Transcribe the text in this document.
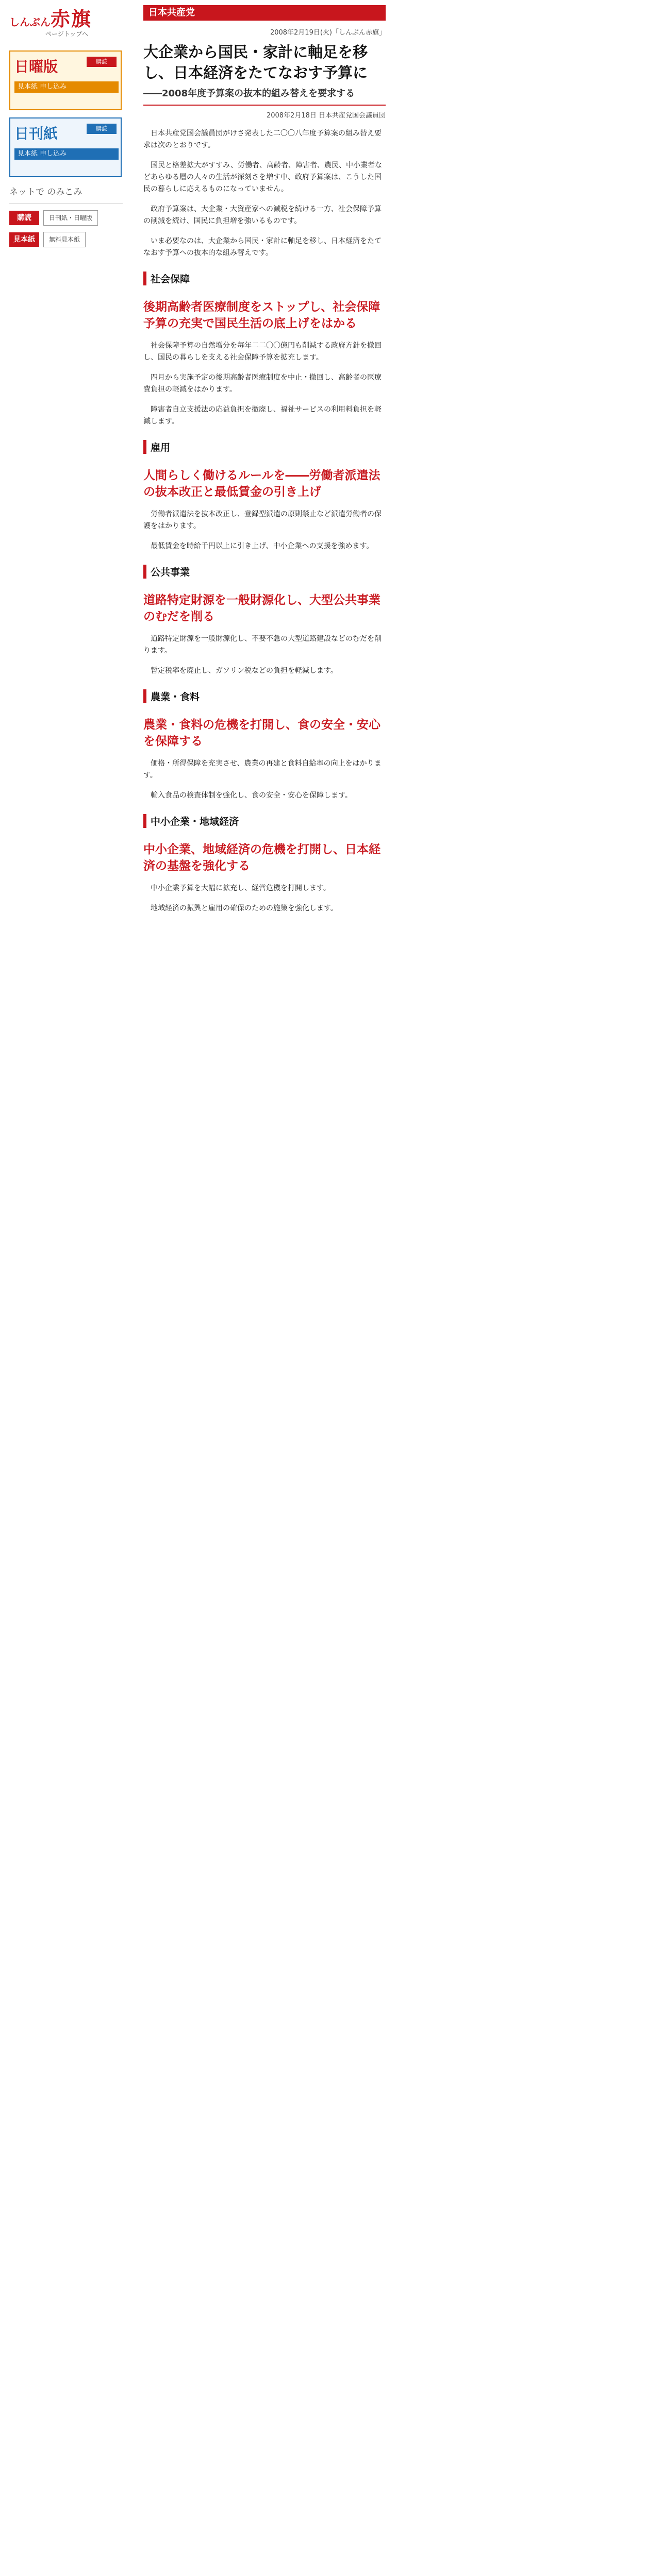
しんぶん赤旗
ページトップへ
日曜版	購読
見本紙 申し込み
日刊紙	購読
見本紙 申し込み
ネットで のみこみ
購読	日刊紙・日曜版
見本紙	無料見本紙
日本共産党
2008年2月19日(火)「しんぶん赤旗」
大企業から国民・家計に軸足を移し、日本経済をたてなおす予算に
――2008年度予算案の抜本的組み替えを要求する
2008年2月18日 日本共産党国会議員団

日本共産党国会議員団がけさ発表した二〇〇八年度予算案の組み替え要求は次のとおりです。

国民と格差拡大がすすみ、労働者、高齢者、障害者、農民、中小業者などあらゆる層の人々の生活が深刻さを増す中、政府予算案は、こうした国民の暮らしに応えるものになっていません。

政府予算案は、大企業・大資産家への減税を続ける一方、社会保障予算の削減を続け、国民に負担増を強いるものです。

いま必要なのは、大企業から国民・家計に軸足を移し、日本経済をたてなおす予算への抜本的な組み替えです。

社会保障
後期高齢者医療制度をストップし、社会保障予算の充実で国民生活の底上げをはかる

社会保障予算の自然増分を毎年二二〇〇億円も削減する政府方針を撤回し、国民の暮らしを支える社会保障予算を拡充します。

四月から実施予定の後期高齢者医療制度を中止・撤回し、高齢者の医療費負担の軽減をはかります。

障害者自立支援法の応益負担を撤廃し、福祉サービスの利用料負担を軽減します。

雇用
人間らしく働けるルールを――労働者派遣法の抜本改正と最低賃金の引き上げ

労働者派遣法を抜本改正し、登録型派遣の原則禁止など派遣労働者の保護をはかります。

最低賃金を時給千円以上に引き上げ、中小企業への支援を強めます。

公共事業
道路特定財源を一般財源化し、大型公共事業のむだを削る

道路特定財源を一般財源化し、不要不急の大型道路建設などのむだを削ります。

暫定税率を廃止し、ガソリン税などの負担を軽減します。

農業・食料
農業・食料の危機を打開し、食の安全・安心を保障する

価格・所得保障を充実させ、農業の再建と食料自給率の向上をはかります。

輸入食品の検査体制を強化し、食の安全・安心を保障します。

中小企業・地域経済
中小企業、地域経済の危機を打開し、日本経済の基盤を強化する

中小企業予算を大幅に拡充し、経営危機を打開します。

地域経済の振興と雇用の確保のための施策を強化します。
